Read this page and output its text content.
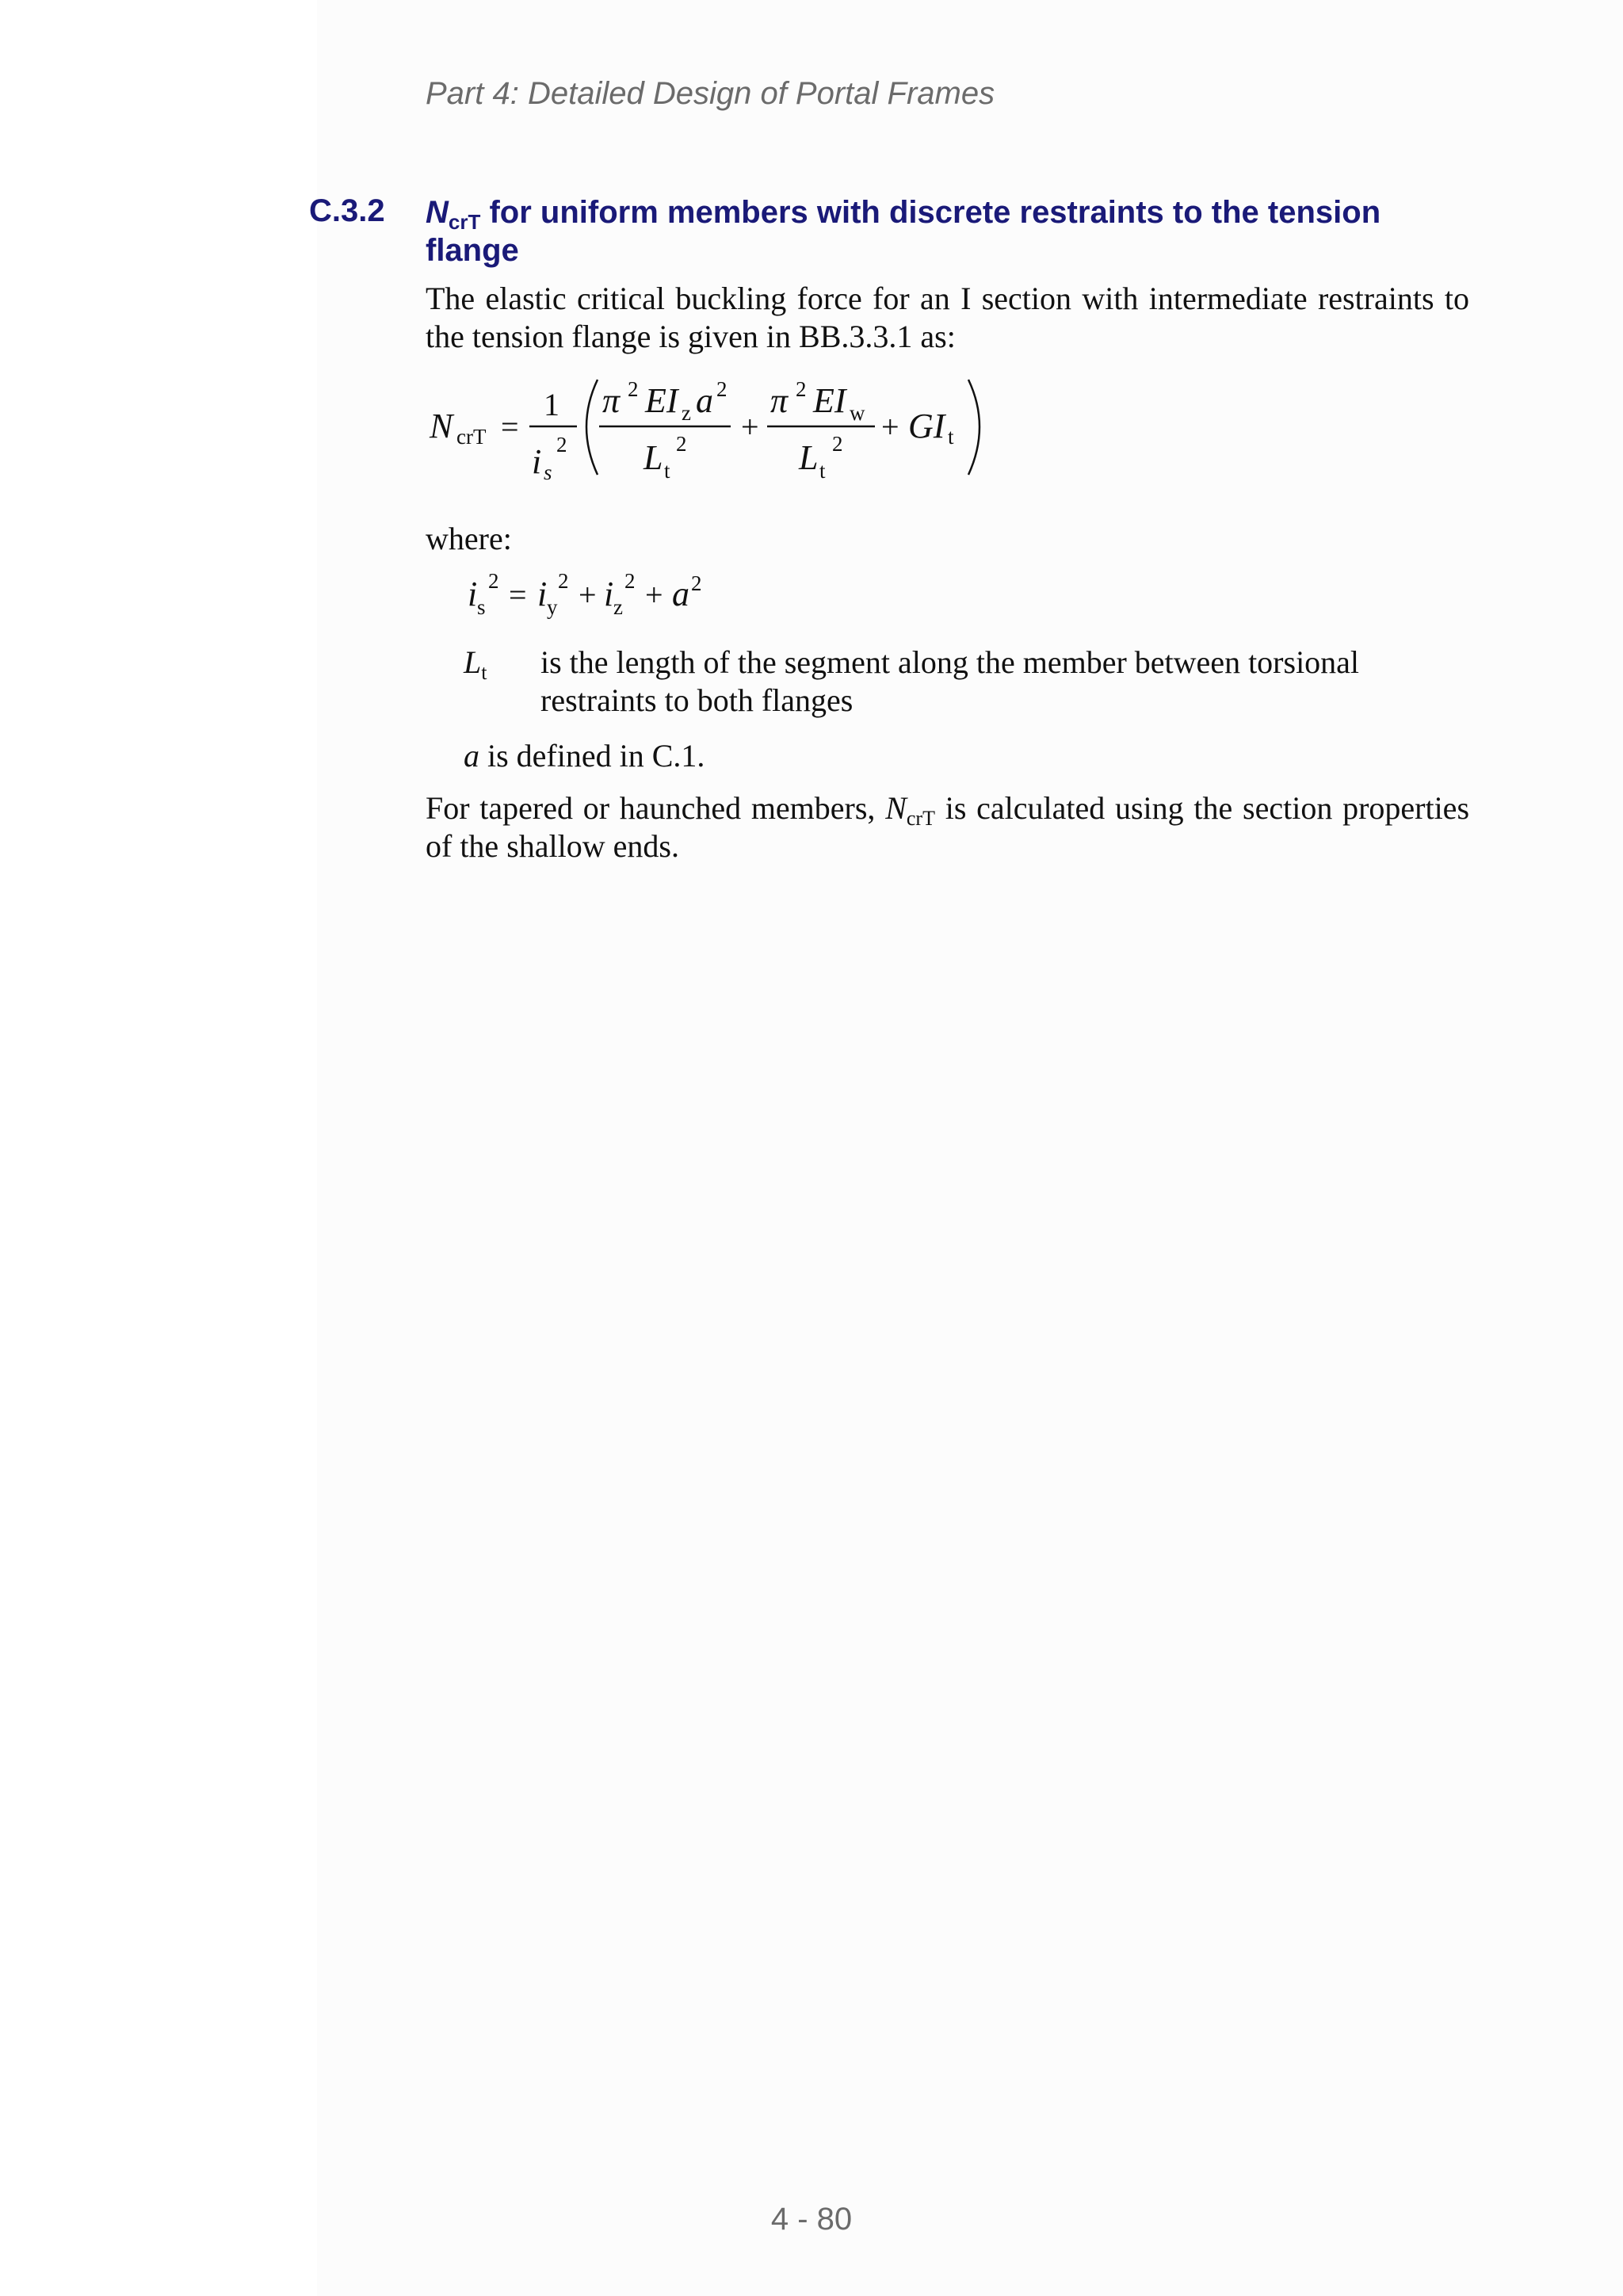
Part 4: Detailed Design of Portal Frames
C.3.2 $N_{crT}$ for uniform members with discrete restraints to the tension flange
The elastic critical buckling force for an I section with intermediate restraints to the tension flange is given in BB.3.3.1 as:
N crT =
1
i s
2
π 2 EI z a 2
L t
2 +
π 2 EI w
L t
2 + GI t
i s
2 = i y
2 + i z
2 + a 2
where:
$L_t$ is the length of the segment along the member between torsional restraints to both flanges
a is defined in C.1.
For tapered or haunched members, $N_{crT}$ is calculated using the section properties of the shallow ends.
4 - 80
